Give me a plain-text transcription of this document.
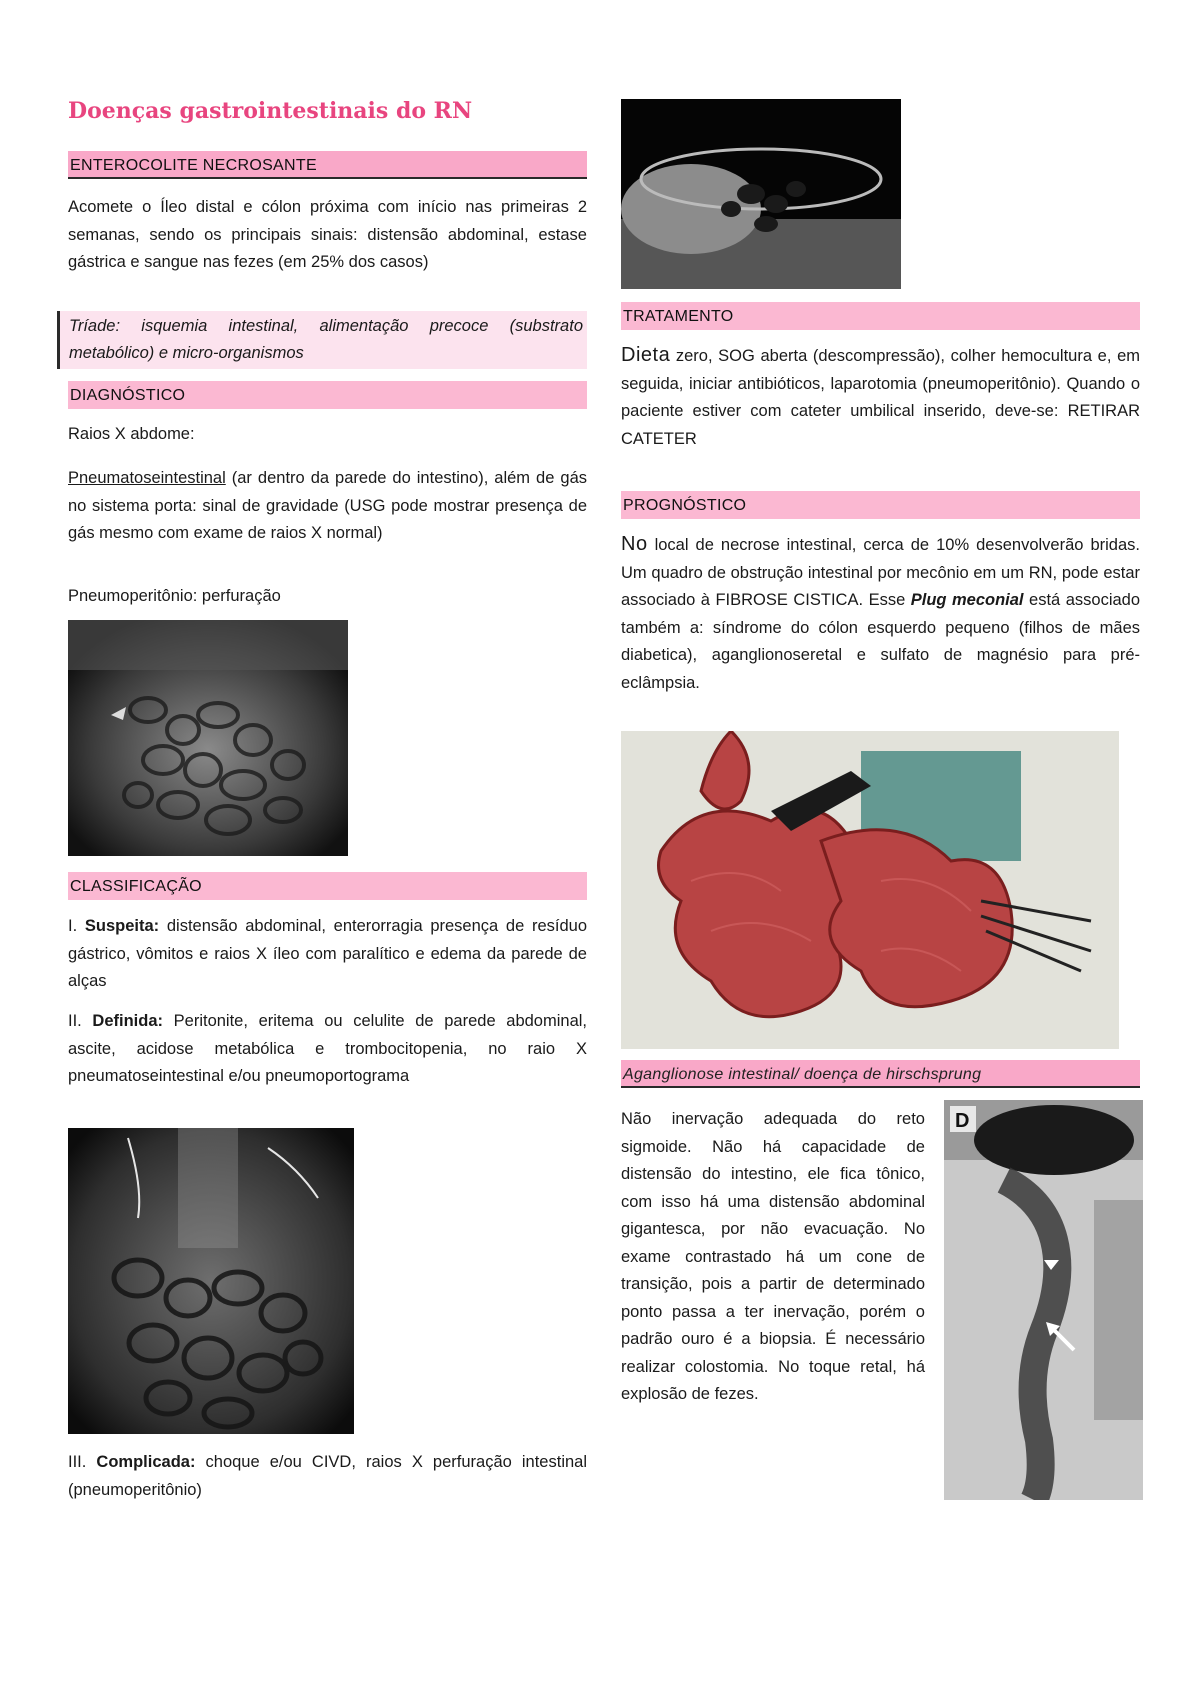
Doenças gastrointestinais do RN
ENTEROCOLITE NECROSANTE

Acomete o Íleo distal e cólon próxima com início nas primeiras 2 semanas, sendo os principais sinais: distensão abdominal, estase gástrica e sangue nas fezes (em 25% dos casos)

Tríade: isquemia intestinal, alimentação precoce (substrato metabólico) e micro-organismos
DIAGNÓSTICO

Raios X abdome:

Pneumatoseintestinal (ar dentro da parede do intestino), além de gás no sistema porta: sinal de gravidade (USG pode mostrar presença de gás mesmo com exame de raios X normal)

Pneumoperitônio: perfuração

CLASSIFICAÇÃO

I. Suspeita: distensão abdominal, enterorragia presença de resíduo gástrico, vômitos e raios X íleo com paralítico e edema da parede de alças

II. Definida: Peritonite, eritema ou celulite de parede abdominal, ascite, acidose metabólica e trombocitopenia, no raio X pneumatoseintestinal e/ou pneumoportograma

III. Complicada: choque e/ou CIVD, raios X perfuração intestinal (pneumoperitônio)

TRATAMENTO

Dieta zero, SOG aberta (descompressão), colher hemocultura e, em seguida, iniciar antibióticos, laparotomia (pneumoperitônio). Quando o paciente estiver com cateter umbilical inserido, deve-se: RETIRAR CATETER

PROGNÓSTICO

No local de necrose intestinal, cerca de 10% desenvolverão bridas. Um quadro de obstrução intestinal por mecônio em um RN, pode estar associado à FIBROSE CISTICA. Esse Plug meconial está associado também a: síndrome do cólon esquerdo pequeno (filhos de mães diabetica), aganglionoseretal e sulfato de magnésio para pré-eclâmpsia.

Aganglionose intestinal/ doença de hirschsprung

Não inervação adequada do reto sigmoide. Não há capacidade de distensão do intestino, ele fica tônico, com isso há uma distensão abdominal gigantesca, por não evacuação. No exame contrastado há um cone de transição, pois a partir de determinado ponto passa a ter inervação, porém o padrão ouro é a biopsia. É necessário realizar colostomia. No toque retal, há explosão de fezes.

D
